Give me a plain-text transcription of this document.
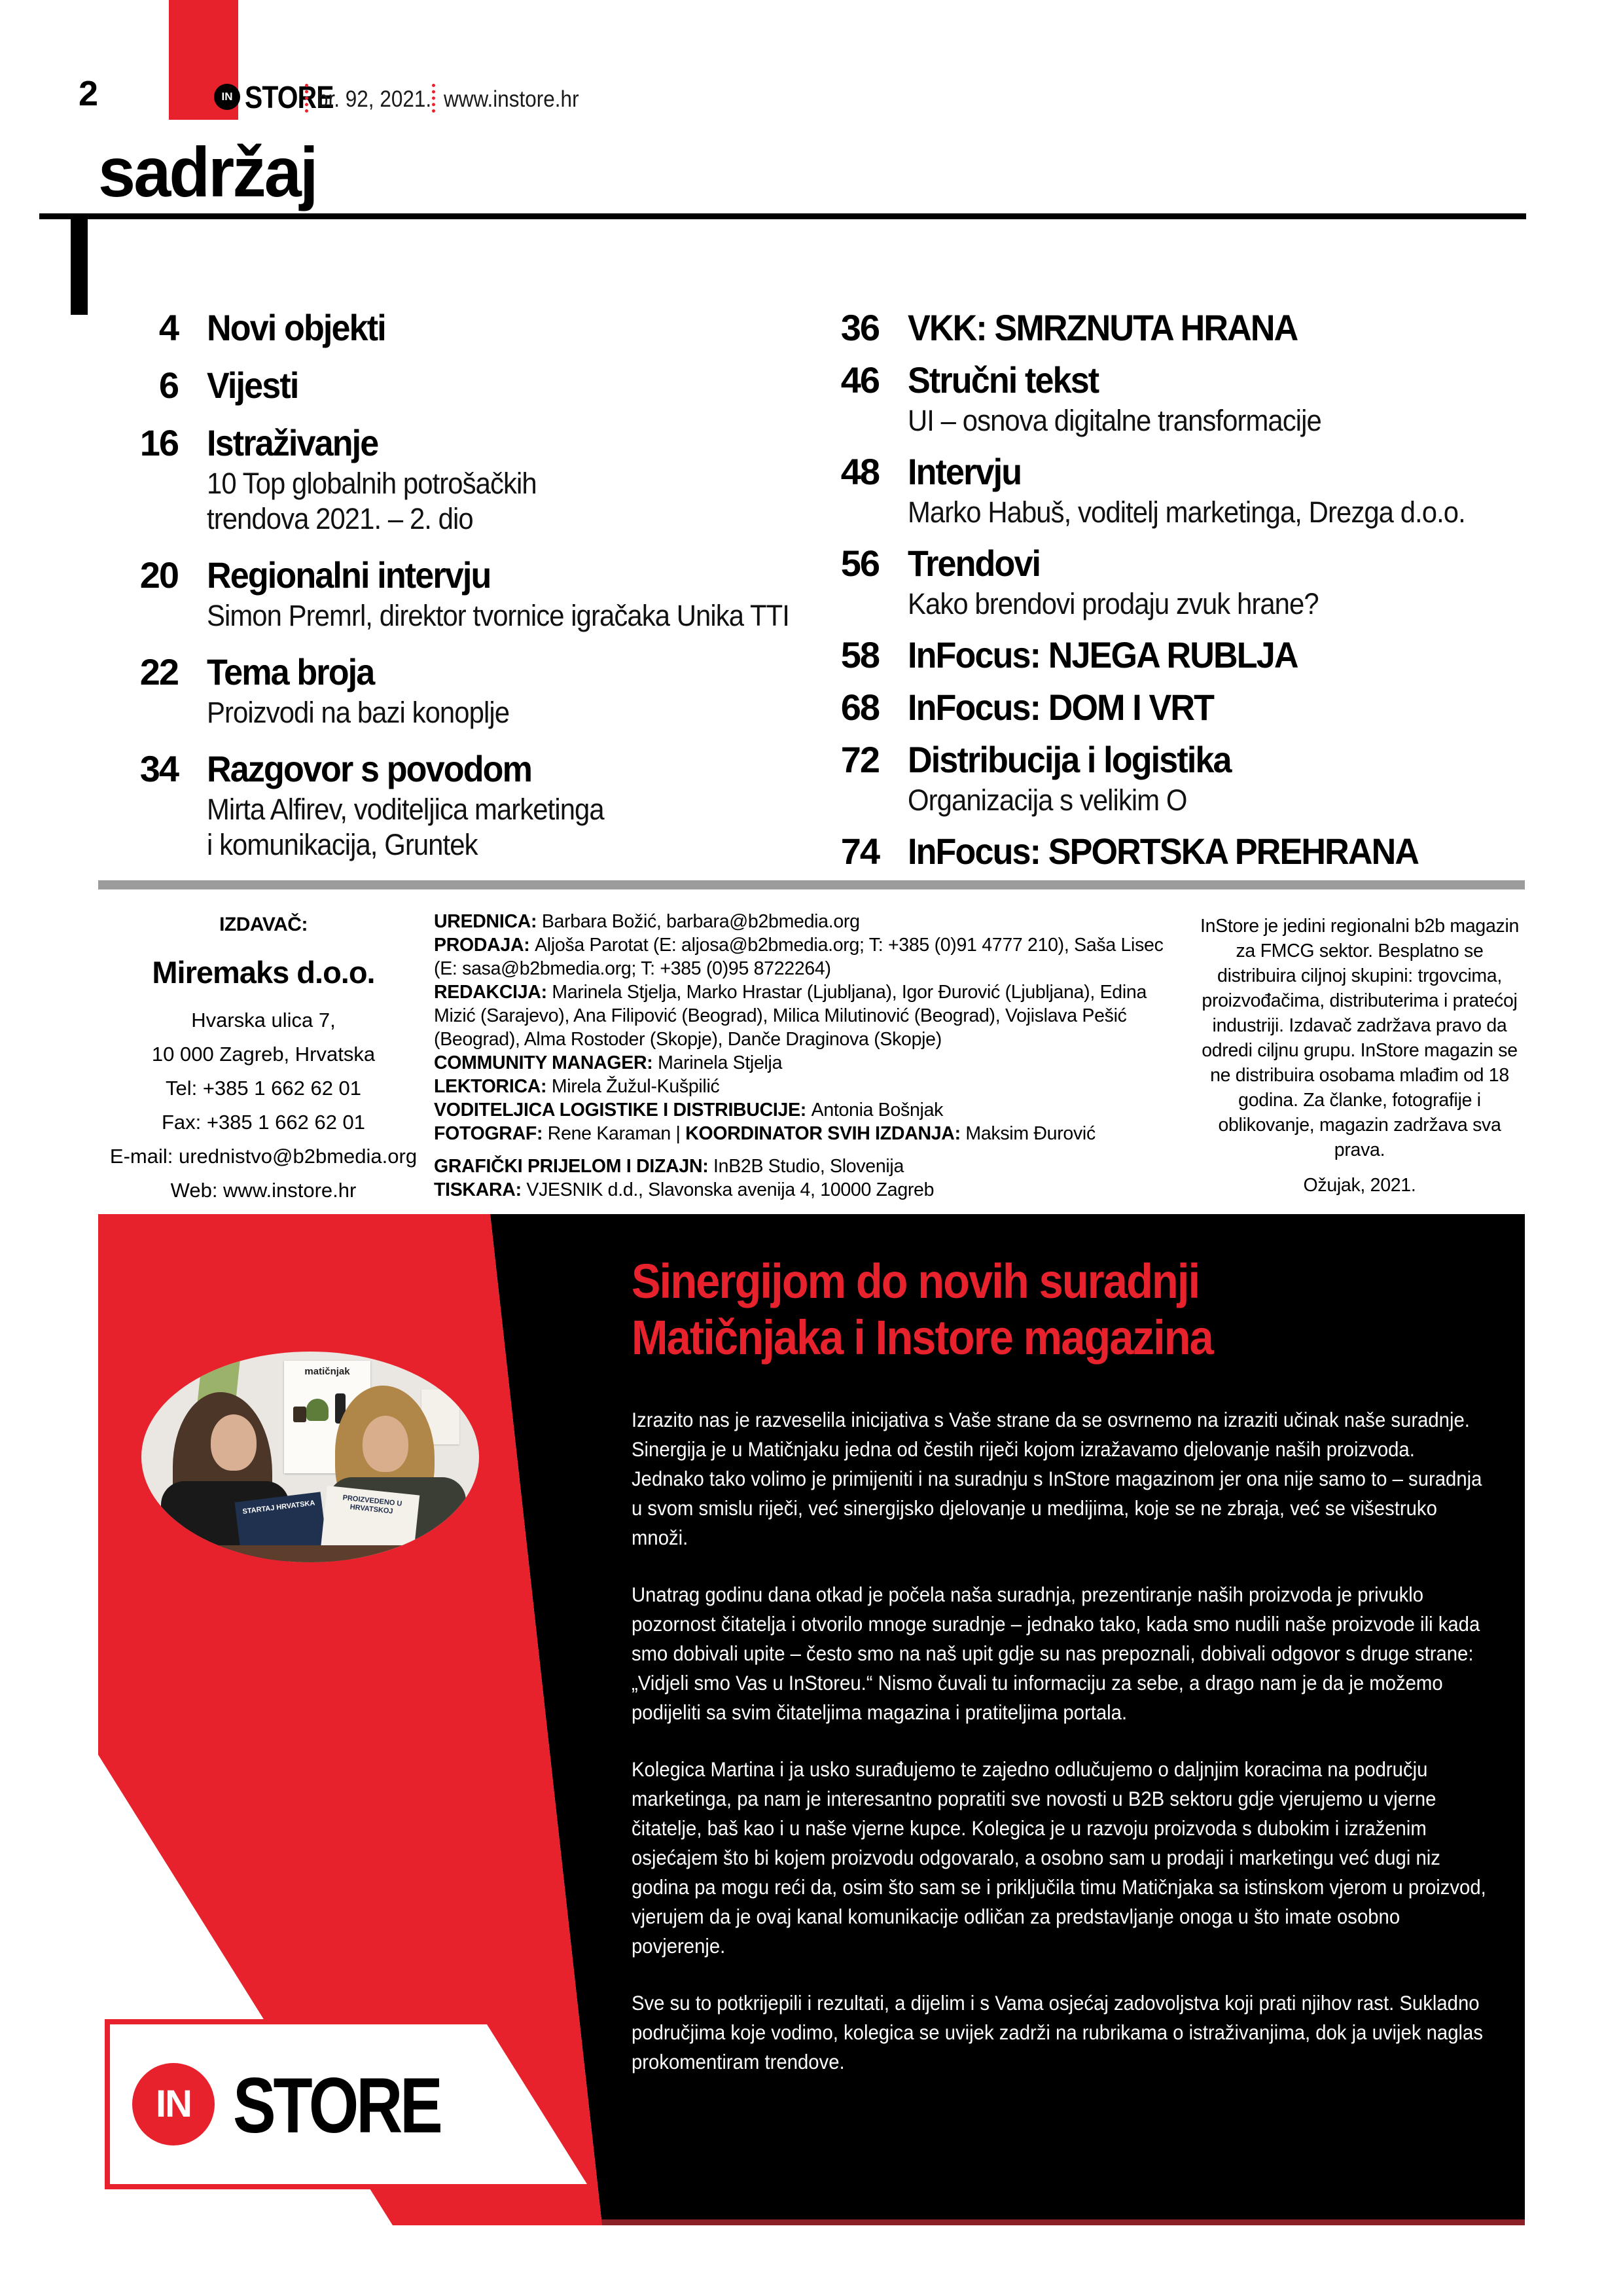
2	IN STORE
br. 92, 2021. www.instore.hr
sadržaj
4 Novi objekti
6 Vijesti
16 Istraživanje
10 Top globalnih potrošačkih
trendova 2021. – 2. dio
20 Regionalni intervju
Simon Premrl, direktor tvornice igračaka Unika TTI
22 Tema broja
Proizvodi na bazi konoplje
34 Razgovor s povodom
Mirta Alfirev, voditeljica marketinga
i komunikacija, Gruntek
36 VKK: SMRZNUTA HRANA
46 Stručni tekst
UI – osnova digitalne transformacije
48 Intervju
Marko Habuš, voditelj marketinga, Drezga d.o.o.
56 Trendovi
Kako brendovi prodaju zvuk hrane?
58 InFocus: NJEGA RUBLJA
68 InFocus: DOM I VRT
72 Distribucija i logistika
Organizacija s velikim O
74 InFocus: SPORTSKA PREHRANA
IZDAVAČ:
Miremaks d.o.o.
Hvarska ulica 7,
10 000 Zagreb, Hrvatska
Tel: +385 1 662 62 01
Fax: +385 1 662 62 01
E-mail: urednistvo@b2bmedia.org
Web: www.instore.hr
UREDNICA: Barbara Božić, barbara@b2bmedia.org
PRODAJA: Aljoša Parotat (E: aljosa@b2bmedia.org; T: +385 (0)91 4777 210), Saša Lisec (E: sasa@b2bmedia.org; T: +385 (0)95 8722264)
REDAKCIJA: Marinela Stjelja, Marko Hrastar (Ljubljana), Igor Đurović (Ljubljana), Edina Mizić (Sarajevo), Ana Filipović (Beograd), Milica Milutinović (Beograd), Vojislava Pešić (Beograd), Alma Rostoder (Skopje), Danče Draginova (Skopje)
COMMUNITY MANAGER: Marinela Stjelja
LEKTORICA: Mirela Žužul-Kušpilić
VODITELJICA LOGISTIKE I DISTRIBUCIJE: Antonia Bošnjak
FOTOGRAF: Rene Karaman | KOORDINATOR SVIH IZDANJA: Maksim Đurović
GRAFIČKI PRIJELOM I DIZAJN: InB2B Studio, Slovenija
TISKARA: VJESNIK d.d., Slavonska avenija 4, 10000 Zagreb
InStore je jedini regionalni b2b magazin za FMCG sektor. Besplatno se distribuira ciljnoj skupini: trgovcima, proizvođačima, distributerima i pratećoj industriji. Izdavač zadržava pravo da odredi ciljnu grupu. InStore magazin se ne distribuira osobama mlađim od 18 godina. Za članke, fotografije i oblikovanje, magazin zadržava sva prava.
Ožujak, 2021.
matičnjak
STARTAJ HRVATSKA	PROIZVEDENO U HRVATSKOJ
Sinergijom do novih suradnji
Matičnjaka i Instore magazina

Izrazito nas je razveselila inicijativa s Vaše strane da se osvrnemo na izraziti učinak naše suradnje. Sinergija je u Matičnjaku jedna od čestih riječi kojom izražavamo djelovanje naših proizvoda. Jednako tako volimo je primijeniti i na suradnju s InStore magazinom jer ona nije samo to – suradnja u svom smislu riječi, već sinergijsko djelovanje u medijima, koje se ne zbraja, već se višestruko množi.

Unatrag godinu dana otkad je počela naša suradnja, prezentiranje naših proizvoda je privuklo pozornost čitatelja i otvorilo mnoge suradnje – jednako tako, kada smo nudili naše proizvode ili kada smo dobivali upite – često smo na naš upit gdje su nas prepoznali, dobivali odgovor s druge strane: „Vidjeli smo Vas u InStoreu.“ Nismo čuvali tu informaciju za sebe, a drago nam je da je možemo podijeliti sa svim čitateljima magazina i pratiteljima portala.

Kolegica Martina i ja usko surađujemo te zajedno odlučujemo o daljnjim koracima na području marketinga, pa nam je interesantno popratiti sve novosti u B2B sektoru gdje vjerujemo u vjerne čitatelje, baš kao i u naše vjerne kupce. Kolegica je u razvoju proizvoda s dubokim i izraženim osjećajem što bi kojem proizvodu odgovaralo, a osobno sam u prodaji i marketingu već dugi niz godina pa mogu reći da, osim što sam se i priključila timu Matičnjaka sa istinskom vjerom u proizvod, vjerujem da je ovaj kanal komunikacije odličan za predstavljanje onoga u što imate osobno povjerenje.

Sve su to potkrijepili i rezultati, a dijelim i s Vama osjećaj zadovoljstva koji prati njihov rast. Sukladno područjima koje vodimo, kolegica se uvijek zadrži na rubrikama o istraživanjima, dok ja uvijek naglas prokomentiram trendove.

IN STORE
